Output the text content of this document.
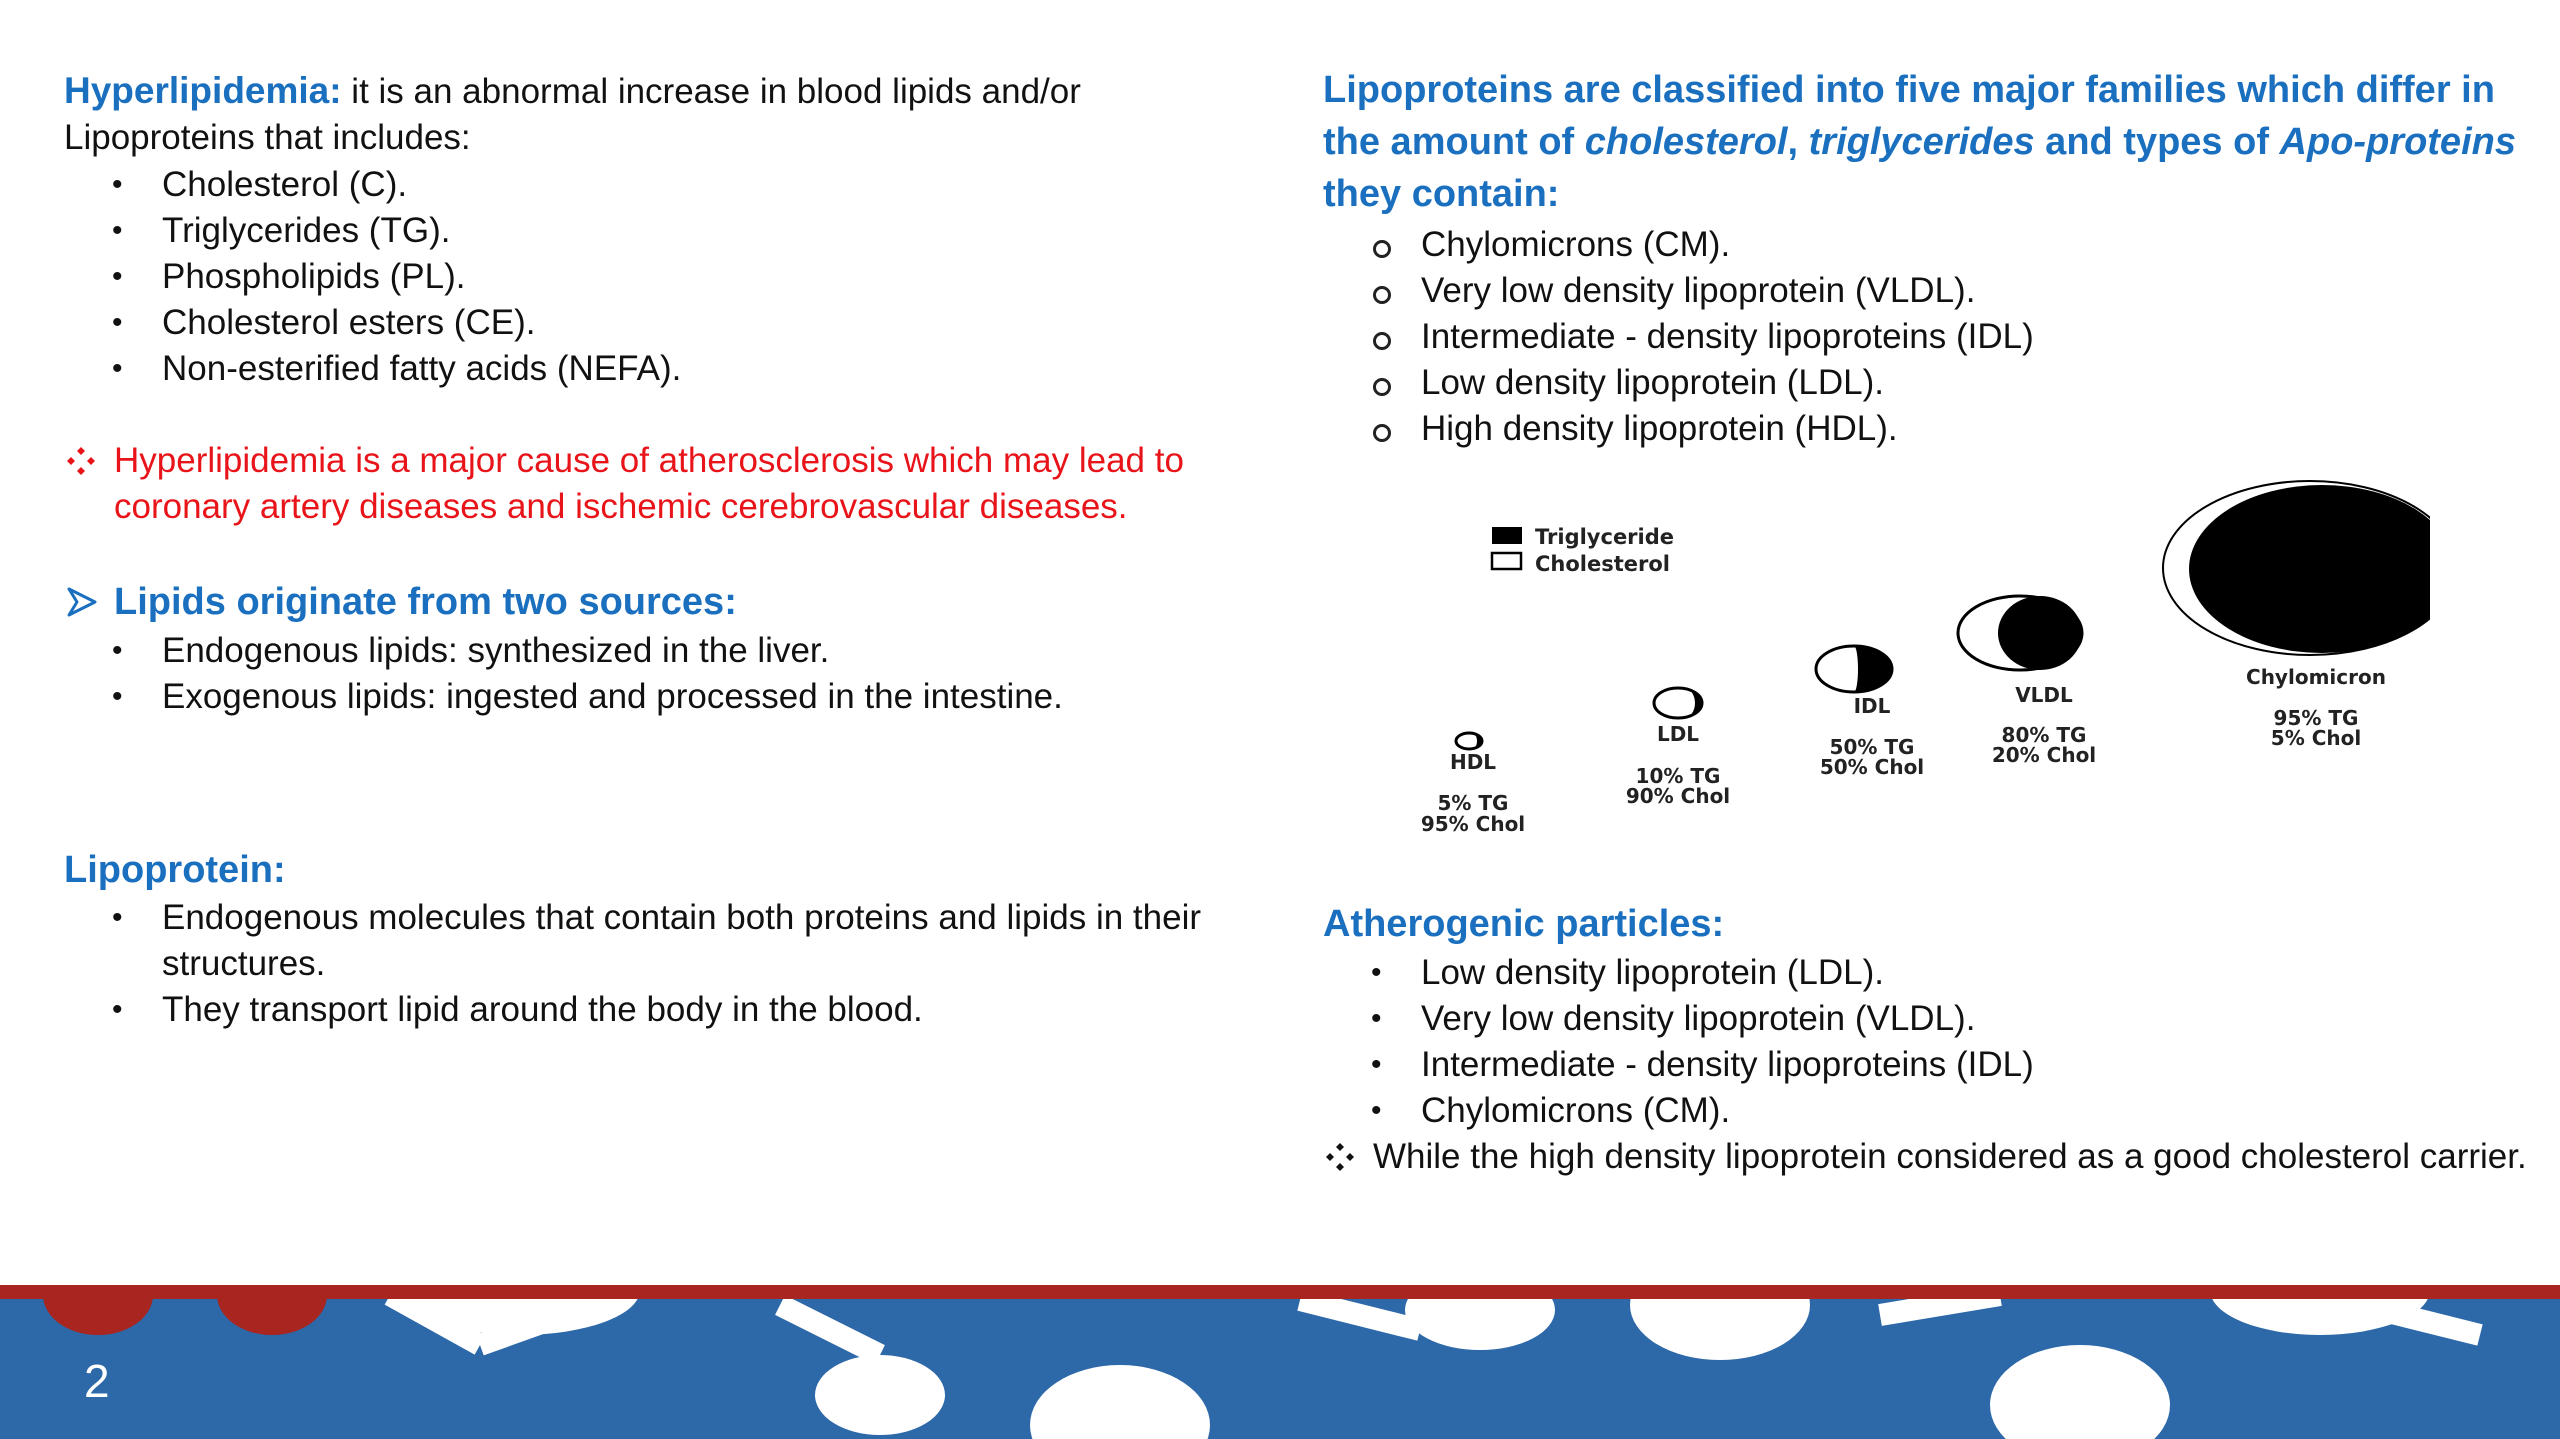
Hyperlipidemia: it is an abnormal increase in blood lipids and/or
Lipoproteins that includes:
• Cholesterol (C).
• Triglycerides (TG).
• Phospholipids (PL).
• Cholesterol esters (CE).
• Non-esterified fatty acids (NEFA).
Hyperlipidemia is a major cause of atherosclerosis which may lead to
coronary artery diseases and ischemic cerebrovascular diseases.
Lipids originate from two sources:
• Endogenous lipids: synthesized in the liver.
• Exogenous lipids: ingested and processed in the intestine.
Lipoprotein:
• Endogenous molecules that contain both proteins and lipids in their
structures.
• They transport lipid around the body in the blood.
Lipoproteins are classified into five major families which differ in
the amount of cholesterol, triglycerides and types of Apo-proteins
they contain:
Chylomicrons (CM).
Very low density lipoprotein (VLDL).
Intermediate - density lipoproteins (IDL)
Low density lipoprotein (LDL).
High density lipoprotein (HDL).
Triglyceride
Cholesterol
HDL
5% TG
95% Chol
LDL
10% TG
90% Chol
IDL
50% TG
50% Chol
VLDL
80% TG
20% Chol
Chylomicron
95% TG
5% Chol
Atherogenic particles:
• Low density lipoprotein (LDL).
• Very low density lipoprotein (VLDL).
• Intermediate - density lipoproteins (IDL)
• Chylomicrons (CM).
While the high density lipoprotein considered as a good cholesterol carrier.
2
